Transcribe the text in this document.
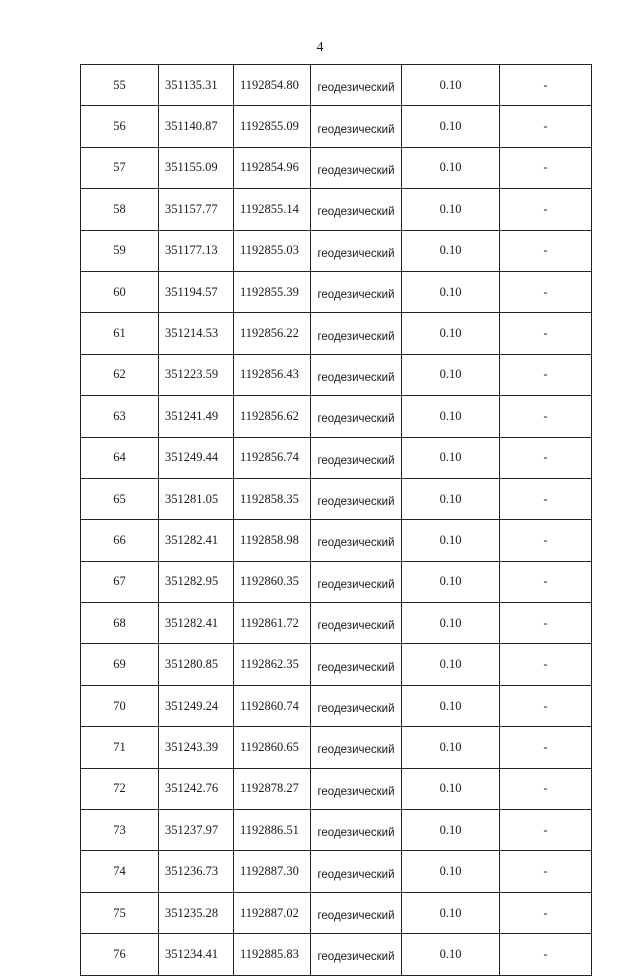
4
55	351135.31	1192854.80	геодезический	0.10	-
56	351140.87	1192855.09	геодезический	0.10	-
57	351155.09	1192854.96	геодезический	0.10	-
58	351157.77	1192855.14	геодезический	0.10	-
59	351177.13	1192855.03	геодезический	0.10	-
60	351194.57	1192855.39	геодезический	0.10	-
61	351214.53	1192856.22	геодезический	0.10	-
62	351223.59	1192856.43	геодезический	0.10	-
63	351241.49	1192856.62	геодезический	0.10	-
64	351249.44	1192856.74	геодезический	0.10	-
65	351281.05	1192858.35	геодезический	0.10	-
66	351282.41	1192858.98	геодезический	0.10	-
67	351282.95	1192860.35	геодезический	0.10	-
68	351282.41	1192861.72	геодезический	0.10	-
69	351280.85	1192862.35	геодезический	0.10	-
70	351249.24	1192860.74	геодезический	0.10	-
71	351243.39	1192860.65	геодезический	0.10	-
72	351242.76	1192878.27	геодезический	0.10	-
73	351237.97	1192886.51	геодезический	0.10	-
74	351236.73	1192887.30	геодезический	0.10	-
75	351235.28	1192887.02	геодезический	0.10	-
76	351234.41	1192885.83	геодезический	0.10	-
